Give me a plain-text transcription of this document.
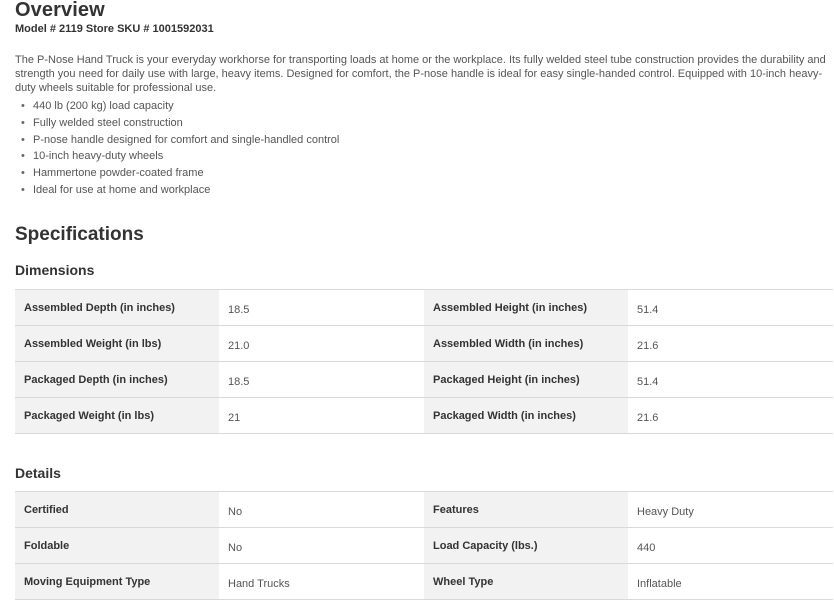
Overview
Model # 2119 Store SKU # 1001592031

The P-Nose Hand Truck is your everyday workhorse for transporting loads at home or the workplace. Its fully welded steel tube construction provides the durability and strength you need for daily use with large, heavy items. Designed for comfort, the P-nose handle is ideal for easy single-handed control. Equipped with 10-inch heavy-duty wheels suitable for professional use.

• 440 lb (200 kg) load capacity
• Fully welded steel construction
• P-nose handle designed for comfort and single-handled control
• 10-inch heavy-duty wheels
• Hammertone powder-coated frame
• Ideal for use at home and workplace
Specifications
Dimensions
Assembled Depth (in inches)	18.5	Assembled Height (in inches)	51.4
Assembled Weight (in lbs)	21.0	Assembled Width (in inches)	21.6
Packaged Depth (in inches)	18.5	Packaged Height (in inches)	51.4
Packaged Weight (in lbs)	21	Packaged Width (in inches)	21.6
Details
Certified	No	Features	Heavy Duty
Foldable	No	Load Capacity (lbs.)	440
Moving Equipment Type	Hand Trucks	Wheel Type	Inflatable
